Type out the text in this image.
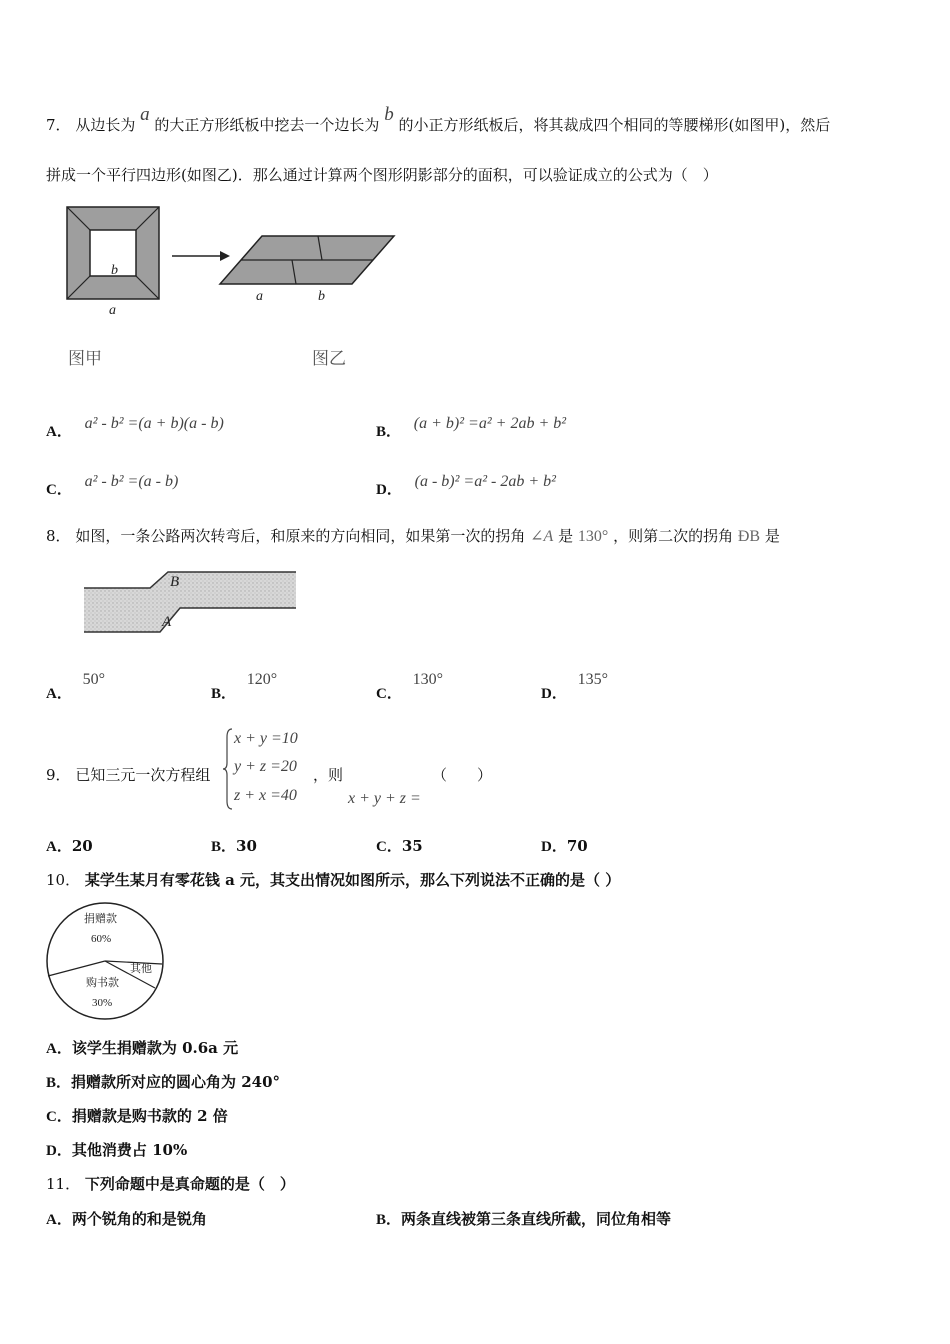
7． 从边长为 a 的大正方形纸板中挖去一个边长为 b 的小正方形纸板后，将其裁成四个相同的等腰梯形(如图甲)，然后
拼成一个平行四边形(如图乙)．那么通过计算两个图形阴影部分的面积，可以验证成立的公式为（　）
b
a
a	b
图甲	图乙
A． a² - b² =(a + b)(a - b)	B． (a + b)² =a² + 2ab + b²
C． a² - b² =(a - b)	D． (a - b)² =a² - 2ab + b²
8． 如图，一条公路两次转弯后，和原来的方向相同，如果第一次的拐角 ∠A 是 130° ，则第二次的拐角 ÐB 是
B
A
A． 50°
B． 120°
C． 130°
D． 135°
9． 已知三元一次方程组
x + y =10
y + z =20
z + x =40
，则	（　　）
x + y + z =
A．20	B．30	C．35	D．70
10． 某学生某月有零花钱 a 元，其支出情况如图所示，那么下列说法不正确的是（ ）
捐赠款
60%
其他
购书款
30%
A．该学生捐赠款为 0.6a 元
B．捐赠款所对应的圆心角为 240°
C．捐赠款是购书款的 2 倍
D．其他消费占 10%
11． 下列命题中是真命题的是（　）
A．两个锐角的和是锐角	B．两条直线被第三条直线所截，同位角相等
